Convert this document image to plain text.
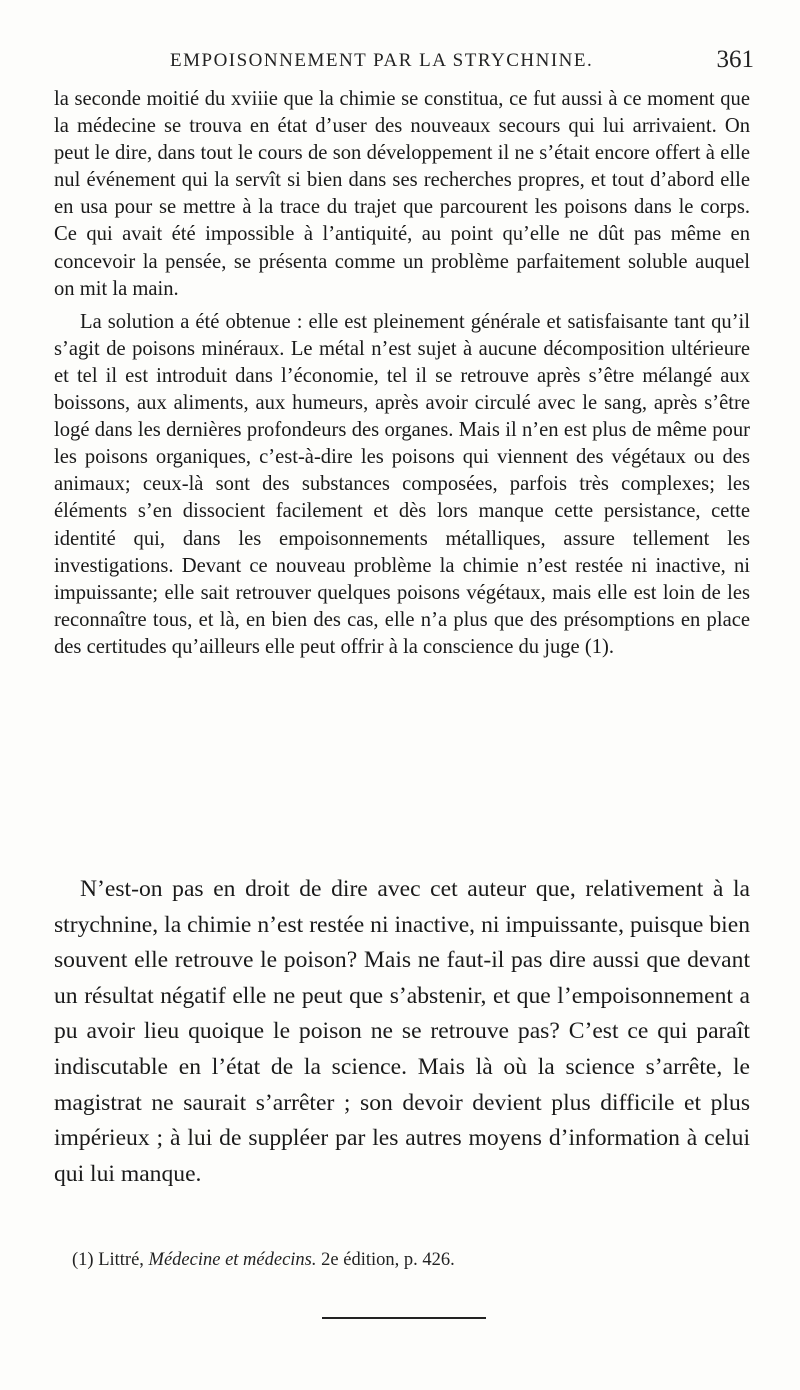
EMPOISONNEMENT PAR LA STRYCHNINE.	361

la seconde moitié du xviiie que la chimie se constitua, ce fut aussi à ce moment que la médecine se trouva en état d’user des nouveaux secours qui lui arrivaient. On peut le dire, dans tout le cours de son développement il ne s’était encore offert à elle nul événement qui la servît si bien dans ses recherches propres, et tout d’abord elle en usa pour se mettre à la trace du trajet que parcourent les poisons dans le corps. Ce qui avait été impossible à l’antiquité, au point qu’elle ne dût pas même en concevoir la pensée, se présenta comme un problème parfaitement soluble auquel on mit la main.

La solution a été obtenue : elle est pleinement générale et satisfaisante tant qu’il s’agit de poisons minéraux. Le métal n’est sujet à aucune décomposition ultérieure et tel il est introduit dans l’économie, tel il se retrouve après s’être mélangé aux boissons, aux aliments, aux humeurs, après avoir circulé avec le sang, après s’être logé dans les dernières profondeurs des organes. Mais il n’en est plus de même pour les poisons organiques, c’est-à-dire les poisons qui viennent des végétaux ou des animaux; ceux-là sont des substances composées, parfois très complexes; les éléments s’en dissocient facilement et dès lors manque cette persistance, cette identité qui, dans les empoisonnements métalliques, assure tellement les investigations. Devant ce nouveau problème la chimie n’est restée ni inactive, ni impuissante; elle sait retrouver quelques poisons végétaux, mais elle est loin de les reconnaître tous, et là, en bien des cas, elle n’a plus que des présomptions en place des certitudes qu’ailleurs elle peut offrir à la conscience du juge (1).

N’est-on pas en droit de dire avec cet auteur que, relativement à la strychnine, la chimie n’est restée ni inactive, ni impuissante, puisque bien souvent elle retrouve le poison? Mais ne faut-il pas dire aussi que devant un résultat négatif elle ne peut que s’abstenir, et que l’empoisonnement a pu avoir lieu quoique le poison ne se retrouve pas? C’est ce qui paraît indiscutable en l’état de la science. Mais là où la science s’arrête, le magistrat ne saurait s’arrêter ; son devoir devient plus difficile et plus impérieux ; à lui de suppléer par les autres moyens d’information à celui qui lui manque.

(1) Littré, Médecine et médecins. 2e édition, p. 426.
